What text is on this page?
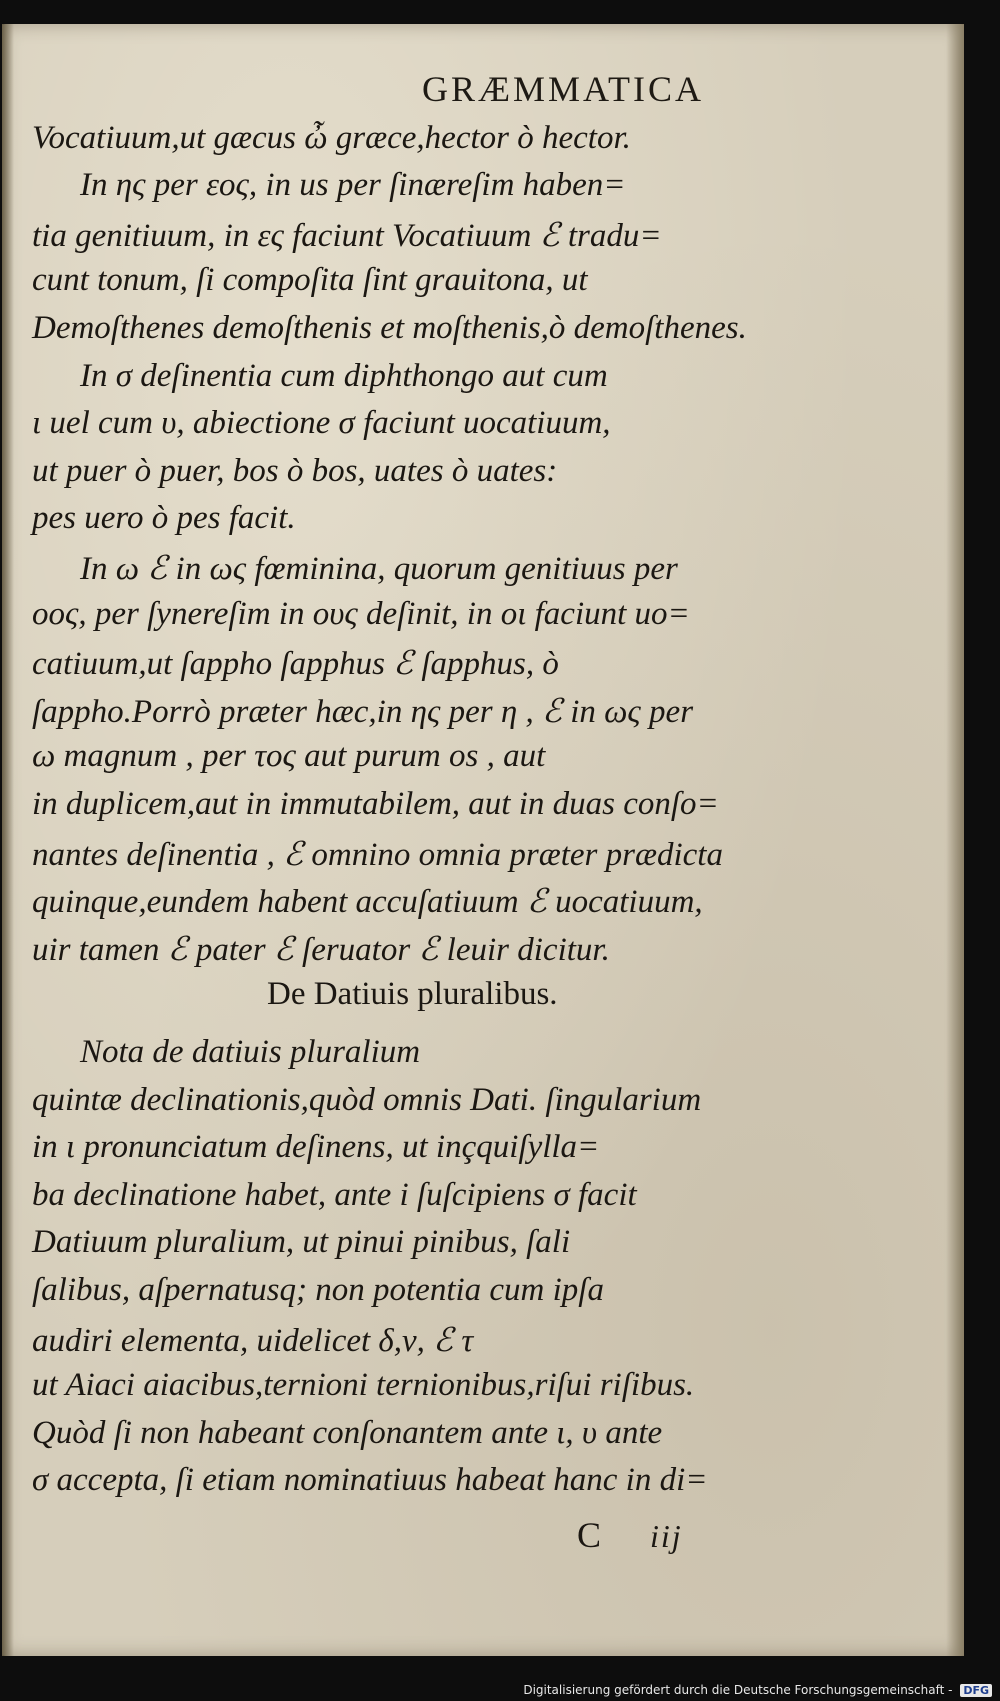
GRÆMMATICA
Vocatiuum,ut gæcus ὦ græce,hector ò hector.
In ης per εος, in us per ſinæreſim haben=
tia genitiuum, in ες faciunt Vocatiuum ℰ tradu=
cunt tonum, ſi compoſita ſint grauitona, ut
Demoſthenes demoſthenis et moſthenis,ò demoſthenes.
In σ deſinentia cum diphthongo aut cum
ι uel cum υ, abiectione σ faciunt uocatiuum,
ut puer ò puer, bos ò bos, uates ò uates:
pes uero ò pes facit.
In ω ℰ in ως fœminina, quorum genitiuus per
οος, per ſynereſim in ους deſinit, in οι faciunt uo=
catiuum,ut ſappho ſapphus ℰ ſapphus, ò
ſappho.Porrò præter hæc,in ης per η , ℰ in ως per
ω magnum , per τος aut purum os , aut
in duplicem,aut in immutabilem, aut in duas conſo=
nantes deſinentia , ℰ omnino omnia præter prædicta
quinque,eundem habent accuſatiuum ℰ uocatiuum,
uir tamen ℰ pater ℰ ſeruator ℰ leuir dicitur.
De Datiuis pluralibus.
Nota de datiuis pluralium
quintæ declinationis,quòd omnis Dati. ſingularium
in ι pronunciatum deſinens, ut inçquiſylla=
ba declinatione habet, ante i ſuſcipiens σ facit
Datiuum pluralium, ut pinui pinibus, ſali
ſalibus, aſpernatusq; non potentia cum ipſa
audiri elementa, uidelicet δ,ν, ℰ τ
ut Aiaci aiacibus,ternioni ternionibus,riſui riſibus.
Quòd ſi non habeant conſonantem ante ι, υ ante
σ accepta, ſi etiam nominatiuus habeat hanc in di=
C iij
Digitalisierung gefördert durch die Deutsche Forschungsgemeinschaft - DFG
